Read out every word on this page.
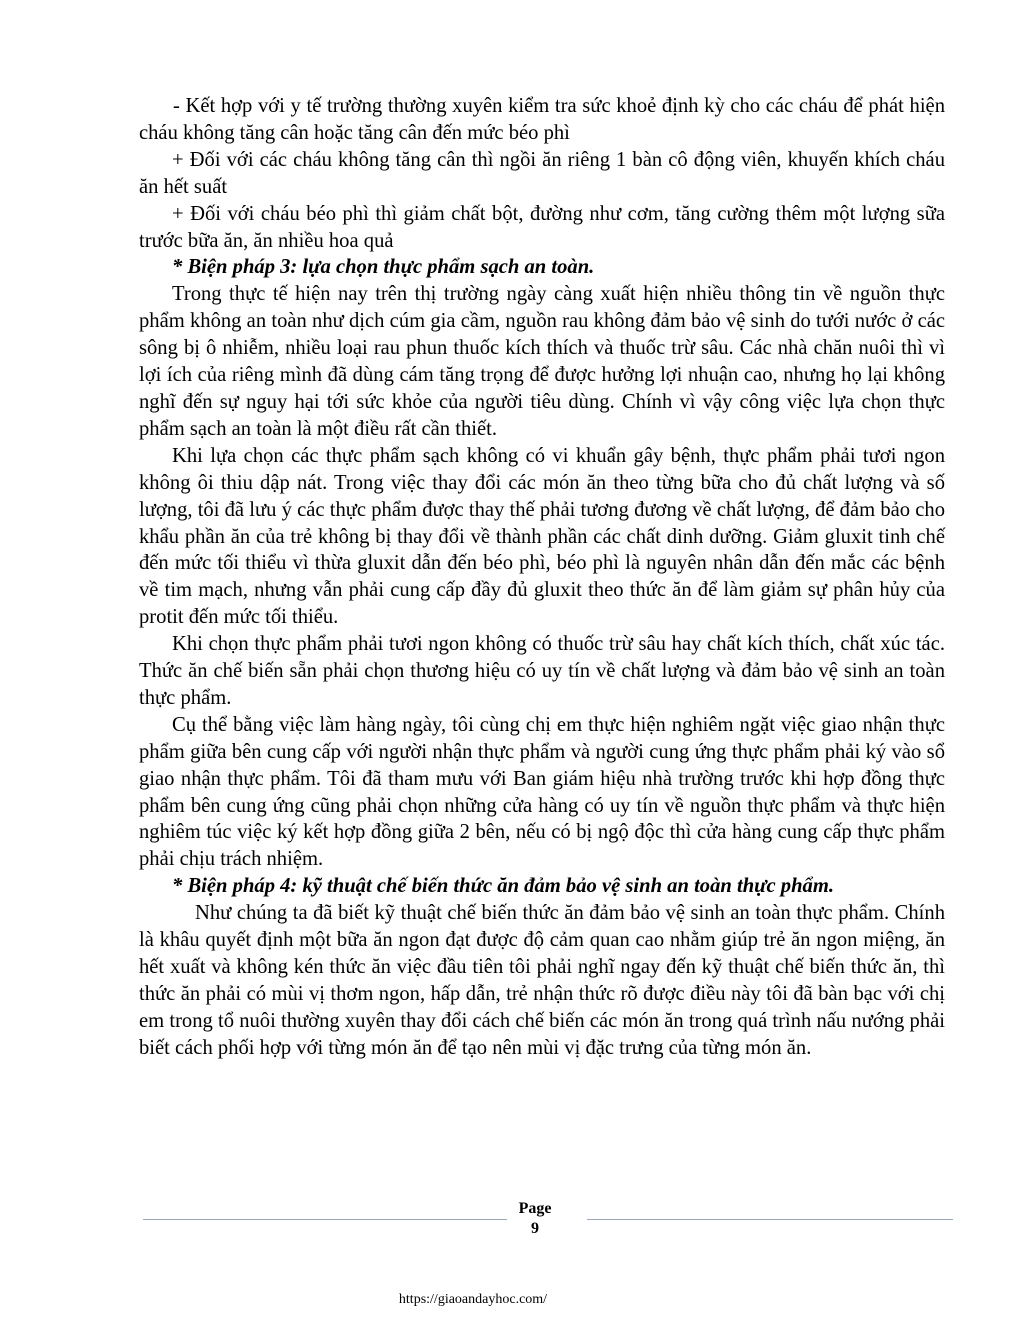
- Kết hợp với y tế trường thường xuyên kiểm tra sức khoẻ định kỳ cho các cháu để phát hiện cháu không tăng cân hoặc tăng cân đến mức béo phì

+ Đối với các cháu không tăng cân thì ngồi ăn riêng 1 bàn cô động viên, khuyến khích cháu ăn hết suất

+ Đối với cháu béo phì thì giảm chất bột, đường như cơm, tăng cường thêm một lượng sữa trước bữa ăn, ăn nhiều hoa quả

* Biện pháp 3: lựa chọn thực phẩm sạch an toàn.

Trong thực tế hiện nay trên thị trường ngày càng xuất hiện nhiều thông tin về nguồn thực phẩm không an toàn như dịch cúm gia cầm, nguồn rau không đảm bảo vệ sinh do tưới nước ở các sông bị ô nhiễm, nhiều loại rau phun thuốc kích thích và thuốc trừ sâu. Các nhà chăn nuôi thì vì lợi ích của riêng mình đã dùng cám tăng trọng để được hưởng lợi nhuận cao, nhưng họ lại không nghĩ đến sự nguy hại tới sức khỏe của người tiêu dùng. Chính vì vậy công việc lựa chọn thực phẩm sạch an toàn là một điều rất cần thiết.

Khi lựa chọn các thực phẩm sạch không có vi khuẩn gây bệnh, thực phẩm phải tươi ngon không ôi thiu dập nát. Trong việc thay đổi các món ăn theo từng bữa cho đủ chất lượng và số lượng, tôi đã lưu ý các thực phẩm được thay thế phải tương đương về chất lượng, để đảm bảo cho khẩu phần ăn của trẻ không bị thay đổi về thành phần các chất dinh dưỡng. Giảm gluxit tinh chế đến mức tối thiểu vì thừa gluxit dẫn đến béo phì, béo phì là nguyên nhân dẫn đến mắc các bệnh về tim mạch, nhưng vẫn phải cung cấp đầy đủ gluxit theo thức ăn để làm giảm sự phân hủy của protit đến mức tối thiểu.

Khi chọn thực phẩm phải tươi ngon không có thuốc trừ sâu hay chất kích thích, chất xúc tác. Thức ăn chế biến sẵn phải chọn thương hiệu có uy tín về chất lượng và đảm bảo vệ sinh an toàn thực phẩm.

Cụ thể bằng việc làm hàng ngày, tôi cùng chị em thực hiện nghiêm ngặt việc giao nhận thực phẩm giữa bên cung cấp với người nhận thực phẩm và người cung ứng thực phẩm phải ký vào sổ giao nhận thực phẩm. Tôi đã tham mưu với Ban giám hiệu nhà trường trước khi hợp đồng thực phẩm bên cung ứng cũng phải chọn những cửa hàng có uy tín về nguồn thực phẩm và thực hiện nghiêm túc việc ký kết hợp đồng giữa 2 bên, nếu có bị ngộ độc thì cửa hàng cung cấp thực phẩm phải chịu trách nhiệm.

* Biện pháp 4: kỹ thuật chế biến thức ăn đảm bảo vệ sinh an toàn thực phẩm.

Như chúng ta đã biết kỹ thuật chế biến thức ăn đảm bảo vệ sinh an toàn thực phẩm. Chính là khâu quyết định một bữa ăn ngon đạt được độ cảm quan cao nhằm giúp trẻ ăn ngon miệng, ăn hết xuất và không kén thức ăn việc đầu tiên tôi phải nghĩ ngay đến kỹ thuật chế biến thức ăn, thì thức ăn phải có mùi vị thơm ngon, hấp dẫn, trẻ nhận thức rõ được điều này tôi đã bàn bạc với chị em trong tổ nuôi thường xuyên thay đổi cách chế biến các món ăn trong quá trình nấu nướng phải biết cách phối hợp với từng món ăn để tạo nên mùi vị đặc trưng của từng món ăn.

Page
9
https://giaoandayhoc.com/
